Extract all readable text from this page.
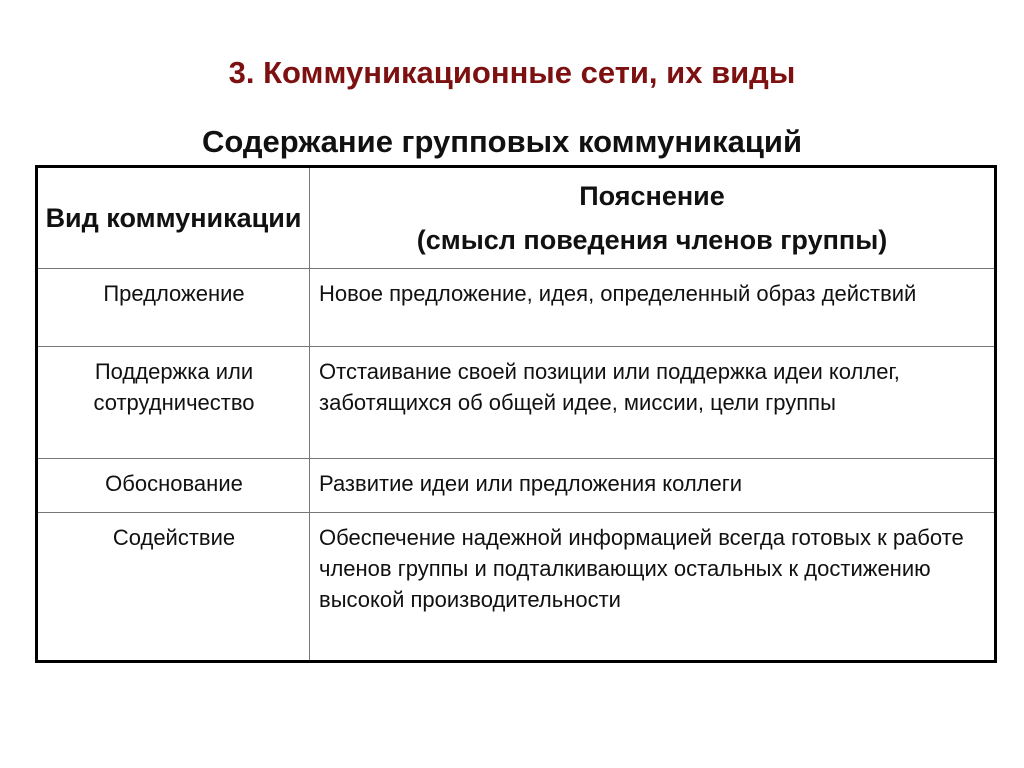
3. Коммуникационные сети, их виды
Содержание групповых коммуникаций
Вид коммуникации	Пояснение
(смысл поведения членов группы)

Предложение	Новое предложение, идея, определенный образ действий
Поддержка или сотрудничество	Отстаивание своей позиции или поддержка идеи коллег, заботящихся об общей идее, миссии, цели группы
Обоснование	Развитие идеи или предложения коллеги
Содействие	Обеспечение надежной информацией всегда готовых к работе членов группы и подталкивающих остальных к достижению высокой производительности
